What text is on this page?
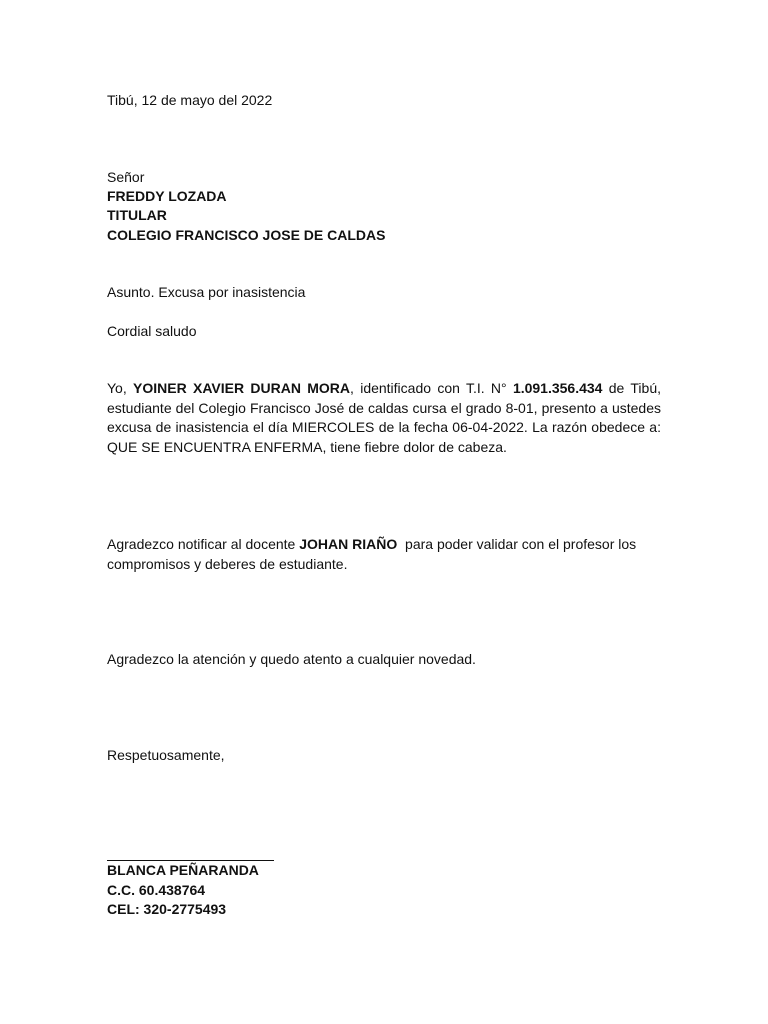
Tibú, 12 de mayo del 2022
Señor
FREDDY LOZADA
TITULAR
COLEGIO FRANCISCO JOSE DE CALDAS
Asunto. Excusa por inasistencia
Cordial saludo
Yo, YOINER XAVIER DURAN MORA, identificado con T.I. N° 1.091.356.434 de Tibú, estudiante del Colegio Francisco José de caldas cursa el grado 8-01, presento a ustedes excusa de inasistencia el día MIERCOLES de la fecha 06-04-2022. La razón obedece a: QUE SE ENCUENTRA ENFERMA, tiene fiebre dolor de cabeza.
Agradezco notificar al docente JOHAN RIAÑO  para poder validar con el profesor los compromisos y deberes de estudiante.
Agradezco la atención y quedo atento a cualquier novedad.
Respetuosamente,
BLANCA PEÑARANDA
C.C. 60.438764
CEL: 320-2775493
